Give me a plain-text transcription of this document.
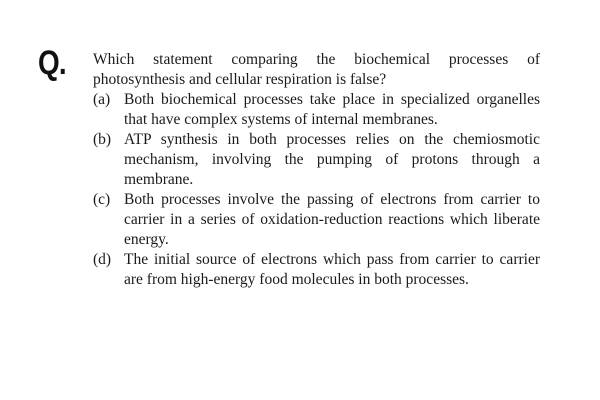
Q. Which statement comparing the biochemical processes of photosynthesis and cellular respiration is false?

(a) Both biochemical processes take place in specialized organelles that have complex systems of internal membranes.
(b) ATP synthesis in both processes relies on the chemiosmotic mechanism, involving the pumping of protons through a membrane.
(c) Both processes involve the passing of electrons from carrier to carrier in a series of oxidation-reduction reactions which liberate energy.
(d) The initial source of electrons which pass from carrier to carrier are from high-energy food molecules in both processes.
